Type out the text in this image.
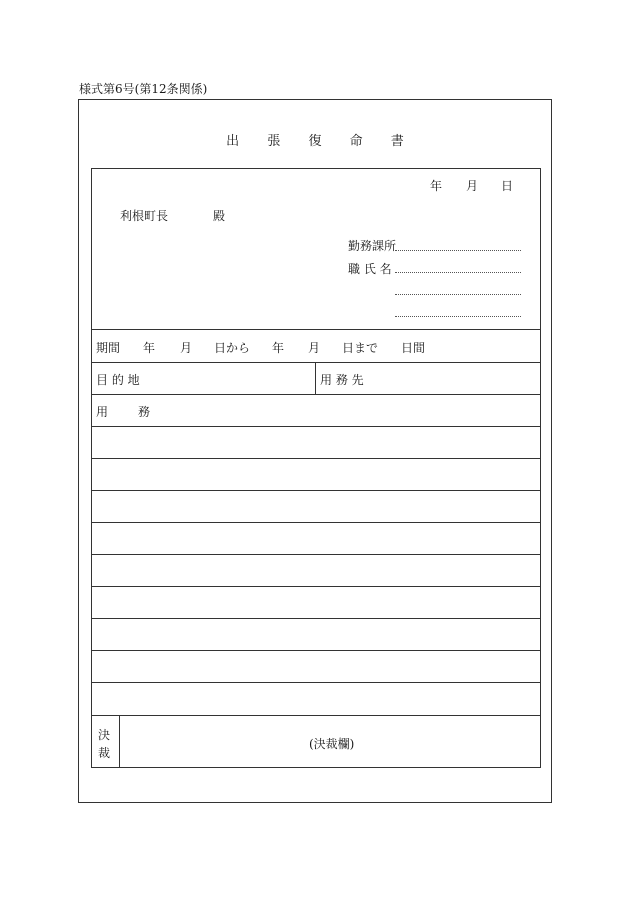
様式第6号(第12条関係)
出 張 復 命 書
年 月 日
利根町長	殿
勤務課所
職 氏 名
期間 年 月 日から 年 月 日まで 日間
目 的 地	用 務 先
用 務
決
裁
(決裁欄)
